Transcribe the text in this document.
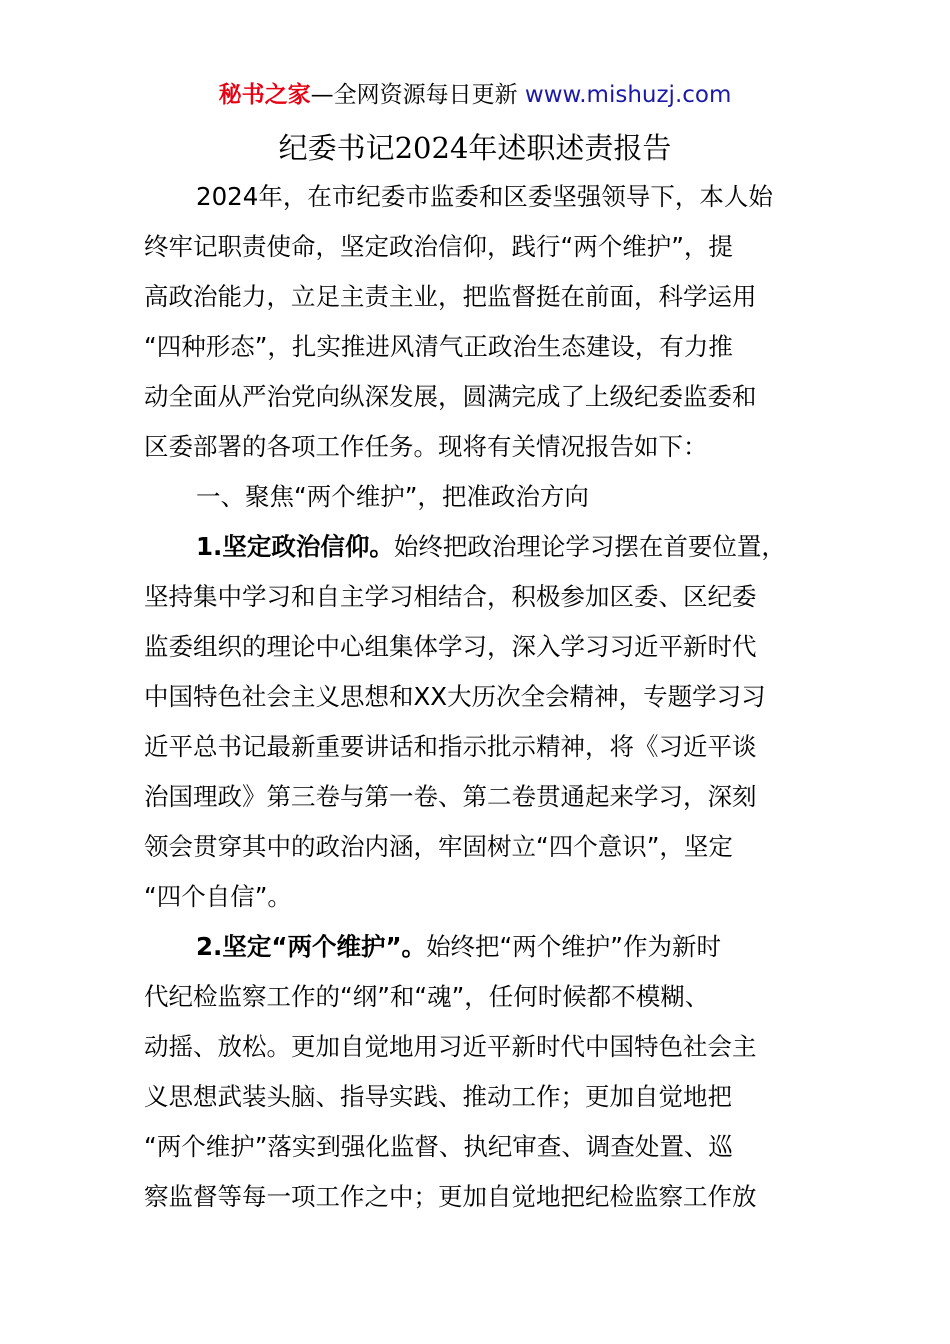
秘书之家—全网资源每日更新 www.mishuzj.com
纪委书记2024年述职述责报告
2024年，在市纪委市监委和区委坚强领导下，本人始
终牢记职责使命，坚定政治信仰，践行“两个维护”，提
高政治能力，立足主责主业，把监督挺在前面，科学运用
“四种形态”，扎实推进风清气正政治生态建设，有力推
动全面从严治党向纵深发展，圆满完成了上级纪委监委和
区委部署的各项工作任务。现将有关情况报告如下：
一、聚焦“两个维护”，把准政治方向
1.坚定政治信仰。始终把政治理论学习摆在首要位置，
坚持集中学习和自主学习相结合，积极参加区委、区纪委
监委组织的理论中心组集体学习，深入学习习近平新时代
中国特色社会主义思想和XX大历次全会精神，专题学习习
近平总书记最新重要讲话和指示批示精神，将《习近平谈
治国理政》第三卷与第一卷、第二卷贯通起来学习，深刻
领会贯穿其中的政治内涵，牢固树立“四个意识”，坚定
“四个自信”。
2.坚定“两个维护”。始终把“两个维护”作为新时
代纪检监察工作的“纲”和“魂”，任何时候都不模糊、
动摇、放松。更加自觉地用习近平新时代中国特色社会主
义思想武装头脑、指导实践、推动工作；更加自觉地把
“两个维护”落实到强化监督、执纪审查、调查处置、巡
察监督等每一项工作之中；更加自觉地把纪检监察工作放
